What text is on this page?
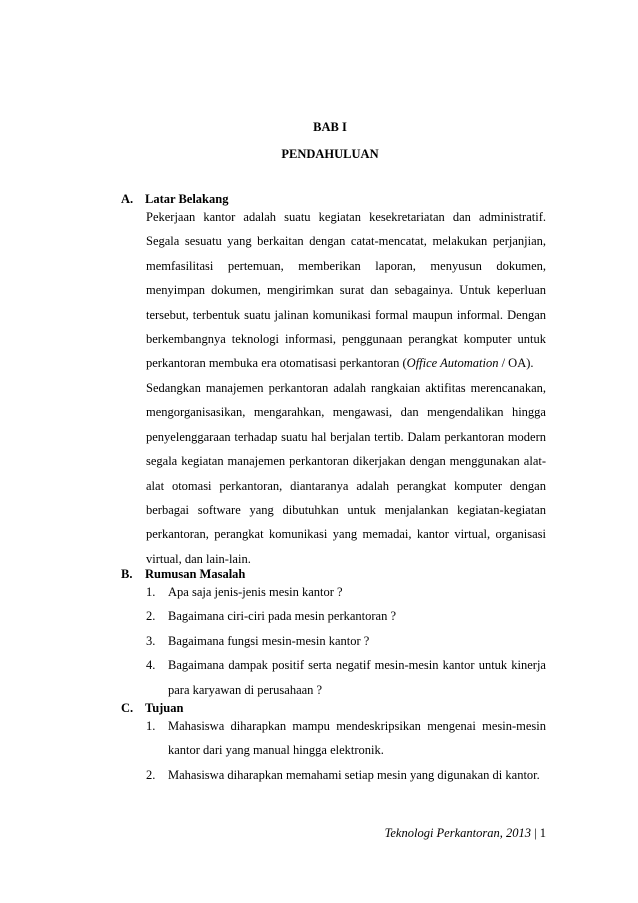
BAB I
PENDAHULUAN
A. Latar Belakang

Pekerjaan kantor adalah suatu kegiatan kesekretariatan dan administratif. Segala sesuatu yang berkaitan dengan catat-mencatat, melakukan perjanjian, memfasilitasi pertemuan, memberikan laporan, menyusun dokumen, menyimpan dokumen, mengirimkan surat dan sebagainya. Untuk keperluan tersebut, terbentuk suatu jalinan komunikasi formal maupun informal. Dengan berkembangnya teknologi informasi, penggunaan perangkat komputer untuk perkantoran membuka era otomatisasi perkantoran (Office Automation / OA).

Sedangkan manajemen perkantoran adalah rangkaian aktifitas merencanakan, mengorganisasikan, mengarahkan, mengawasi, dan mengendalikan hingga penyelenggaraan terhadap suatu hal berjalan tertib. Dalam perkantoran modern segala kegiatan manajemen perkantoran dikerjakan dengan menggunakan alat-alat otomasi perkantoran, diantaranya adalah perangkat komputer dengan berbagai software yang dibutuhkan untuk menjalankan kegiatan-kegiatan perkantoran, perangkat komunikasi yang memadai, kantor virtual, organisasi virtual, dan lain-lain.

B. Rumusan Masalah
1. Apa saja jenis-jenis mesin kantor ?
2. Bagaimana ciri-ciri pada mesin perkantoran ?
3. Bagaimana fungsi mesin-mesin kantor ?
4. Bagaimana dampak positif serta negatif mesin-mesin kantor untuk kinerja para karyawan di perusahaan ?
C. Tujuan
1. Mahasiswa diharapkan mampu mendeskripsikan mengenai mesin-mesin kantor dari yang manual hingga elektronik.
2. Mahasiswa diharapkan memahami setiap mesin yang digunakan di kantor.
Teknologi Perkantoran, 2013 | 1
